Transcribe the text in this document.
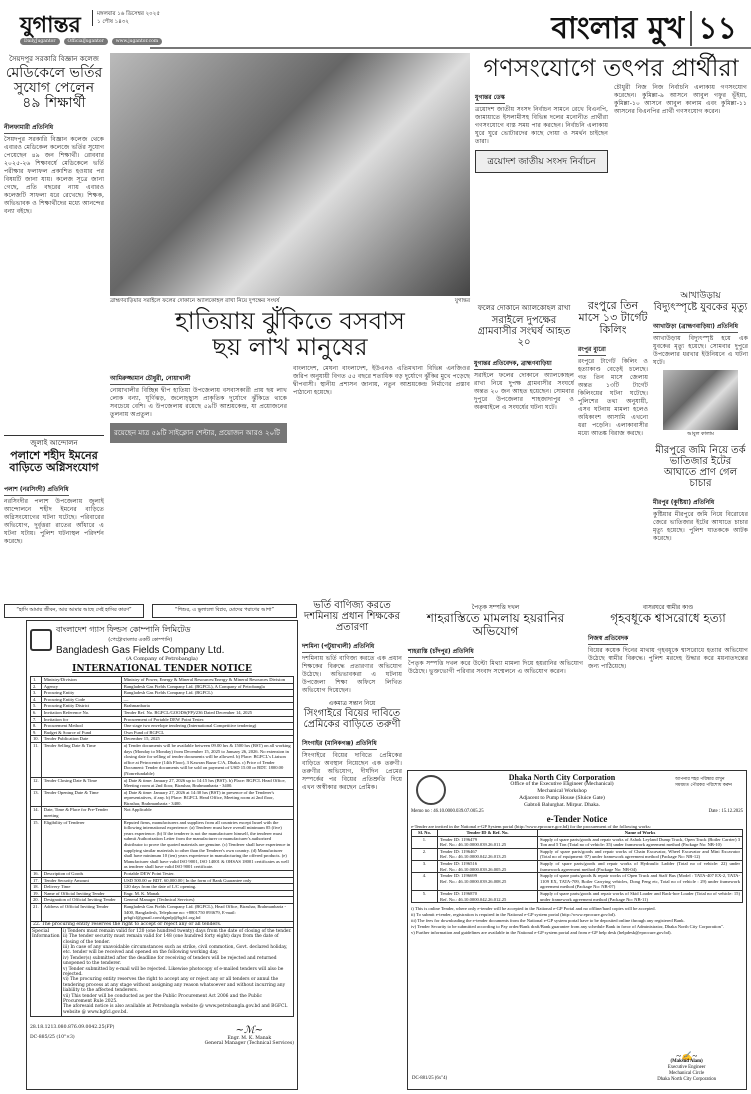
যুগান্তর	মঙ্গলবার ১৬ ডিসেম্বর ২০২৫
১ পৌষ ১৪৩২
DailyJugantor	OfficialJugantor	www.jugantor.com	বাংলার মুখ ১১
সৈয়দপুর সরকারি বিজ্ঞান কলেজ
মেডিকেলে ভর্তির সুযোগ পেলেন ৪৯ শিক্ষার্থী
নীলফামারী প্রতিনিধি
সৈয়দপুর সরকারি বিজ্ঞান কলেজ থেকে এবারও মেডিকেল কলেজে ভর্তির সুযোগ পেয়েছেন ৪৯ জন শিক্ষার্থী। রোববার ২০২৫-২৬ শিক্ষাবর্ষে মেডিকেলে ভর্তি পরীক্ষার ফলাফল প্রকাশিত হওয়ার পর বিষয়টি জানা যায়। কলেজ সূত্রে জানা গেছে, প্রতি বছরের ন্যায় এবারও কলেজটি সাফল্য ধরে রেখেছে। শিক্ষক, অভিভাবক ও শিক্ষার্থীদের মধ্যে আনন্দের বন্যা বইছে।
জুলাই আন্দোলন
পলাশে শহীদ ইমনের বাড়িতে অগ্নিসংযোগ
পলাশ (নরসিংদী) প্রতিনিধি
নরসিংদীর পলাশ উপজেলায় জুলাই আন্দোলনে শহীদ ইমনের বাড়িতে অগ্নিসংযোগের ঘটনা ঘটেছে। পরিবারের অভিযোগ, দুর্বৃত্তরা রাতের আঁধারে এ ঘটনা ঘটায়। পুলিশ ঘটনাস্থল পরিদর্শন করেছে।
ব্রাহ্মণবাড়িয়ার সরাইলে ফলের দোকানে অ্যালকোহল রাখা নিয়ে দুপক্ষের সংঘর্ষ	যুগান্তর
গণসংযোগে তৎপর প্রার্থীরা
যুগান্তর ডেস্ক
ত্রয়োদশ জাতীয় সংসদ নির্বাচন সামনে রেখে বিএনপি, জামায়াতে ইসলামীসহ বিভিন্ন দলের মনোনীত প্রার্থীরা গণসংযোগে ব্যস্ত সময় পার করছেন। নির্বাচনি এলাকায় ঘুরে ঘুরে ভোটারদের কাছে দোয়া ও সমর্থন চাইছেন তারা।
ত্রয়োদশ জাতীয় সংসদ নির্বাচন
চৌধুরী নিজ নিজ নির্বাচনি এলাকায় গণসংযোগ করেছেন। কুমিল্লা-৯ আসনে আবুল গফুর ভূঁইয়া, কুমিল্লা-১০ আসনে আবুল কালাম এবং কুমিল্লা-১১ আসনের বিএনপির প্রার্থী গণসংযোগ করেন।
হাতিয়ায় ঝুঁকিতে বসবাস
ছয় লাখ মানুষের
আমিরুজ্জামান চৌধুরী, নোয়াখালী
নোয়াখালীর বিচ্ছিন্ন দ্বীপ হাতিয়া উপজেলায় বসবাসকারী প্রায় ছয় লাখ লোক বন্যা, ঘূর্ণিঝড়, জলোচ্ছ্বাস প্রাকৃতিক দুর্যোগে ঝুঁকিতে থাকে সবচেয়ে বেশি। এ উপজেলায় রয়েছে ৫৯টি আশ্রয়কেন্দ্র, যা প্রয়োজনের তুলনায় অপ্রতুল।
রয়েছেন মাত্র ৫৯টি সাইক্লোন শেল্টার, প্রয়োজন আরও ২০টি
বাংলাদেশ, মেঘনা বাংলাদেশ, ইউএনও এতিমখানা বিভিন্ন এনজিওর জরিপ অনুযায়ী বিগত ৫৫ বছরে শতাধিক বড় দুর্যোগে ঝুঁকির মুখে পড়েছে দ্বীপবাসী। স্থানীয় প্রশাসন জানায়, নতুন আশ্রয়কেন্দ্র নির্মাণের প্রস্তাব পাঠানো হয়েছে।
ফলের দোকানে অ্যালকোহল রাখা
সরাইলে দুপক্ষের গ্রামবাসীর সংঘর্ষ আহত ২০
যুগান্তর প্রতিবেদক, ব্রাহ্মণবাড়িয়া
সরাইলে ফলের দোকানে অ্যালকোহল রাখা নিয়ে দুপক্ষ গ্রামবাসীর সংঘর্ষে অন্তত ২০ জন আহত হয়েছেন। সোমবার দুপুরে উপজেলার শাহজাদাপুর ও অরুয়াইলে এ সংঘর্ষের ঘটনা ঘটে।
রংপুরে তিন মাসে ১৩ টার্গেট কিলিং
রংপুর ব্যুরো
রংপুরে টার্গেট কিলিং ও হত্যাকাণ্ড বেড়েই চলেছে। গত তিন মাসে জেলায় অন্তত ১৩টি টার্গেট কিলিংয়ের ঘটনা ঘটেছে। পুলিশের তথ্য অনুযায়ী, এসব ঘটনায় মামলা হলেও অধিকাংশ আসামি এখনো ধরা পড়েনি। এলাকাবাসীর মধ্যে আতঙ্ক বিরাজ করছে।
আখাউড়ায়
বিদ্যুৎস্পৃষ্টে যুবকের মৃত্যু
আখাউড়া (ব্রাহ্মণবাড়িয়া) প্রতিনিধি
আখাউড়ায় বিদ্যুৎস্পৃষ্ট হয়ে এক যুবকের মৃত্যু হয়েছে। সোমবার দুপুরে উপজেলার ধরখার ইউনিয়নে এ ঘটনা ঘটে।
আবুল কালাম
মীরপুরে জমি নিয়ে তর্ক ভাতিজার ইটের আঘাতে প্রাণ গেল চাচার
মীরপুর (কুষ্টিয়া) প্রতিনিধি
কুষ্টিয়ার মীরপুরে জমি নিয়ে বিরোধের জেরে ভাতিজার ইটের আঘাতে চাচার মৃত্যু হয়েছে। পুলিশ ঘাতককে আটক করেছে।
“হাসি আমার জীবন, আর আমার আছে সেই হাসির কারণ”	“শিশুর, এ ভুলালো বিপ্লব, মোদের পরাণের আশা”
বাংলাদেশ গ্যাস ফিল্ডস কোম্পানি লিমিটেড
(পেট্রোবাংলার একটি কোম্পানি)
Bangladesh Gas Fields Company Ltd.
(A Company of Petrobangla)
INTERNATIONAL TENDER NOTICE
1.	Ministry/Division	Ministry of Power, Energy & Mineral Resources/Energy & Mineral Resources Division
2.	Agency	Bangladesh Gas Fields Company Ltd. (BGFCL), A Company of Petrobangla
3.	Procuring Entity	Bangladesh Gas Fields Company Ltd. (BGFCL)
4.	Procuring Entity Code	—
5.	Procuring Entity District	Brahmanbaria
6.	Invitation Reference No.	Tender Ref. No. BGFCL/GOODS(FP)/236 Dated December 14, 2025
7.	Invitation for	Procurement of Portable DEW Point Tester.
8.	Procurement Method	One stage two envelope tendering (International Competitive tendering)
9.	Budget & Source of Fund	Own Fund of BGFCL
10.	Tender Publication Date	December 15, 2025
11.	Tender Selling Date & Time	a) Tender documents will be available between 09.00 hrs & 1500 hrs (BST) on all working days (Monday to Monday) from December 15, 2025 to January 26, 2026. No extension in closing date for selling of tender documents will be allowed. b) Place: BGFCL's Liaison office at Petrocentre (14th Floor), 3 Kawran Bazar C/A, Dhaka. c) Price of Tender Document: Tender documents will be sold on payment of USD 15.00 or BDT. 1800.00 (Nonrefundable)
12.	Tender Closing Date & Time	a) Date & time: January 27, 2026 up to 14:15 hrs (BST). b) Place: BGFCL Head Office, Meeting room at 2nd floor, Birashar, Brahmanbaria - 3400.
13.	Tender Opening Date & Time	a) Date & time: January 27, 2026 at 14:30 hrs (BST) in presence of the Tenderer's representatives, if any. b) Place: BGFCL Head Office, Meeting room at 2nd floor, Birashar, Brahmanbaria - 3400.
14.	Date, Time & Place for Pre-Tender meeting	Not Applicable
15.	Eligibility of Tenderer	Reputed firms, manufacturers and suppliers from all countries except Israel with the following international experience: (a) Tenderer must have overall minimum 05 (five) years experience. (b) If the tenderer is not the manufacturer himself, the tenderer must submit Authorization Letter from the manufacturer or manufacturer's authorized distributor to prove the quoted materials are genuine. (c) Tenderer shall have experience in supplying similar materials to other than the Tenderer's own country. (d) Manufacturer shall have minimum 10 (ten) years experience in manufacturing the offered products. (e) Manufacturer shall have valid ISO 9001, ISO 14001 & OHSAS 18001 certificates as well as tenderer shall have valid ISO 9001 certificate.
16.	Description of Goods	Portable DEW Point Tester.
17.	Tender Security Amount	USD 500.00 or BDT. 60,000.00 | In the form of Bank Guarantee only
18.	Delivery Time	120 days from the date of L/C opening.
19.	Name of Official Inviting Tender	Engr. M. K. Manak
20.	Designation of Official Inviting Tender	General Manager (Technical Services)
21.	Address of Official Inviting Tender	Bangladesh Gas Fields Company Ltd. (BGFCL), Head Office, Birashar, Brahmanbaria - 3400, Bangladesh, Telephone no: +8801750 093679, E-mail: prbgfcl@gmail.com/dgmlp@bgfcl.org.bd
22. The procuring entity reserves the right to accept or reject any or all tenders.
Special Information
i) Tenders must remain valid for 120 (one hundred twenty) days from the date of closing of the tender.
ii) The tender security must remain valid for 148 (one hundred forty eight) days from the date of closing of the tender.
iii) In case of any unavoidable circumstances such as strike, civil commotion, Govt. declared holiday, etc. tender will be received and opened on the following working day.
iv) Tender(s) submitted after the deadline for receiving of tenders will be rejected and returned unopened to the tenderer.
v) Tender submitted by e-mail will be rejected. Likewise photocopy of e-mailed tenders will also be rejected.
vi) The procuring entity reserves the right to accept any or reject any or all tenders or annul the tendering process at any stage without assigning any reason whatsoever and without incurring any liability to the affected tenderers.
vii) This tender will be conducted as per the Public Procurement Act 2006 and the Public Procurement Rule 2025.
The aforesaid notice is also available at Petrobangla website @ www.petrobangla.gov.bd and BGFCL website @ www.bgfcl.gov.bd.
28.18.1213.080.876.09.0042.25(FP)
DC-885/25 (10"×3)
~ℳ~
Engr. M. K. Manak
General Manager (Technical Services)
ভর্তি বাণিজ্য করতে দশমিনায় প্রধান শিক্ষকের প্রতারণা
দশমিনা (পটুয়াখালী) প্রতিনিধি
দশমিনায় ভর্তি বাণিজ্য করতে এক প্রধান শিক্ষকের বিরুদ্ধে প্রতারণার অভিযোগ উঠেছে। অভিভাবকরা এ ঘটনায় উপজেলা শিক্ষা অফিসে লিখিত অভিযোগ দিয়েছেন।
একমাত্র সন্তান নিয়ে
সিংগাইরে বিয়ের দাবিতে প্রেমিকের বাড়িতে তরুণী
সিংগাইর (মানিকগঞ্জ) প্রতিনিধি
সিংগাইরে বিয়ের দাবিতে প্রেমিকের বাড়িতে অবস্থান নিয়েছেন এক তরুণী। তরুণীর অভিযোগ, দীর্ঘদিন প্রেমের সম্পর্কের পর বিয়ের প্রতিশ্রুতি দিয়ে এখন অস্বীকার করছেন প্রেমিক।
পৈতৃক সম্পত্তি দখল
শাহরাস্তিতে মামলায় হয়রানির অভিযোগ
শাহরাস্তি (চাঁদপুর) প্রতিনিধি
পৈতৃক সম্পত্তি দখল করে উল্টো মিথ্যা মামলা দিয়ে হয়রানির অভিযোগ উঠেছে। ভুক্তভোগী পরিবার সংবাদ সম্মেলনে এ অভিযোগ করেন।
বাসরঘরে স্বামীর কাণ্ড
গৃহবধূকে শ্বাসরোধে হত্যা
নিজস্ব প্রতিবেদক
বিয়ের কয়েক দিনের মাথায় গৃহবধূকে শ্বাসরোধে হত্যার অভিযোগ উঠেছে স্বামীর বিরুদ্ধে। পুলিশ মরদেহ উদ্ধার করে ময়নাতদন্তের জন্য পাঠিয়েছে।
Dhaka North City Corporation
Office of the Executive Engineer (Mechanical)
Mechanical Workshop
Adjacent to Pump House (Sluice Gate)
Gabtoli Balurghat. Mirpur. Dhaka.
আপনার শহর পরিষ্কার রাখুন
সময়মত পৌরকর পরিশোধ করুন
Memo no : 46.10.0000.039.07.005.25	Date : 15.12.2025
e-Tender Notice
e-Tender are invited in the National e-GP System portal (http://www.eprocure.gov.bd) for the procurement of the following works:
Sl. No.	Tender ID & Ref. No.	Name of Works
1.	Tender ID: 1196479
Ref. No.: 46.10.0000.039.26.011.25	Supply of spare parts/goods and repair works of Ashok Leyland Dump Truck, Open Truck (Boiler Carrier) 3 Ton and 5 Ton (Total no of vehicle: 35) under framework agreement method (Package No: NB-10)
2.	Tender ID: 1196467
Ref. No.: 46.10.0000.042.26.013.25	Supply of spare parts/goods and repair works of Chain Excavator, Wheel Excavator and Mini Excavator (Total no of equipment: 07) under framework agreement method (Package No: NB-12)
3.	Tender ID: 1196516
Ref. No.: 46.10.0000.039.26.005.25	Supply of spare parts/goods and repair works of Hydraulic Ladder (Total no of vehicle: 22) under framework agreement method (Package No: NB-04)
4.	Tender ID: 1196699
Ref. No.: 46.10.0000.039.26.008.25	Supply of spare parts/goods & repair works of Open Truck and Staff Bus (Model : TATA-407 EX-2, TATA-1109 EX, TATA-709, Boiler Carrying vehicles, Dong Feng etc, Total no of vehicle : 29) under framework agreement method (Package No: NB-07)
5.	Tender ID: 1196870
Ref. No.: 46.10.0000.042.26.012.25	Supply of spare parts/goods and repair works of Skid Loader and Back-hoe Loader (Total no of vehicle: 15) under framework agreement method (Package No: NB-11)
i) This is online Tender, where only e-tender will be accepted in the National e-GP Portal and no offline/hard copies will be accepted.
ii) To submit e-tender, registration is required in the National e-GP system portal (http://www.eprocure.gov.bd).
iii) The fees for downloading the e-tender documents from the National e-GP system portal have to be deposited online through any registered Bank.
iv) Tender Security to be submitted according to Pay order/Bank draft/Bank guarantee from any schedule Bank in favor of Administrator, Dhaka North City Corporation".
v) Further information and guidelines are available in the National e-GP system portal and from e-GP help desk (helpdesk@eprocure.gov.bd).
~✍~
(Maksud Alam)
Executive Engineer
Mechanical Circle
Dhaka North City Corporation
DC-881/25 (6x"4)
